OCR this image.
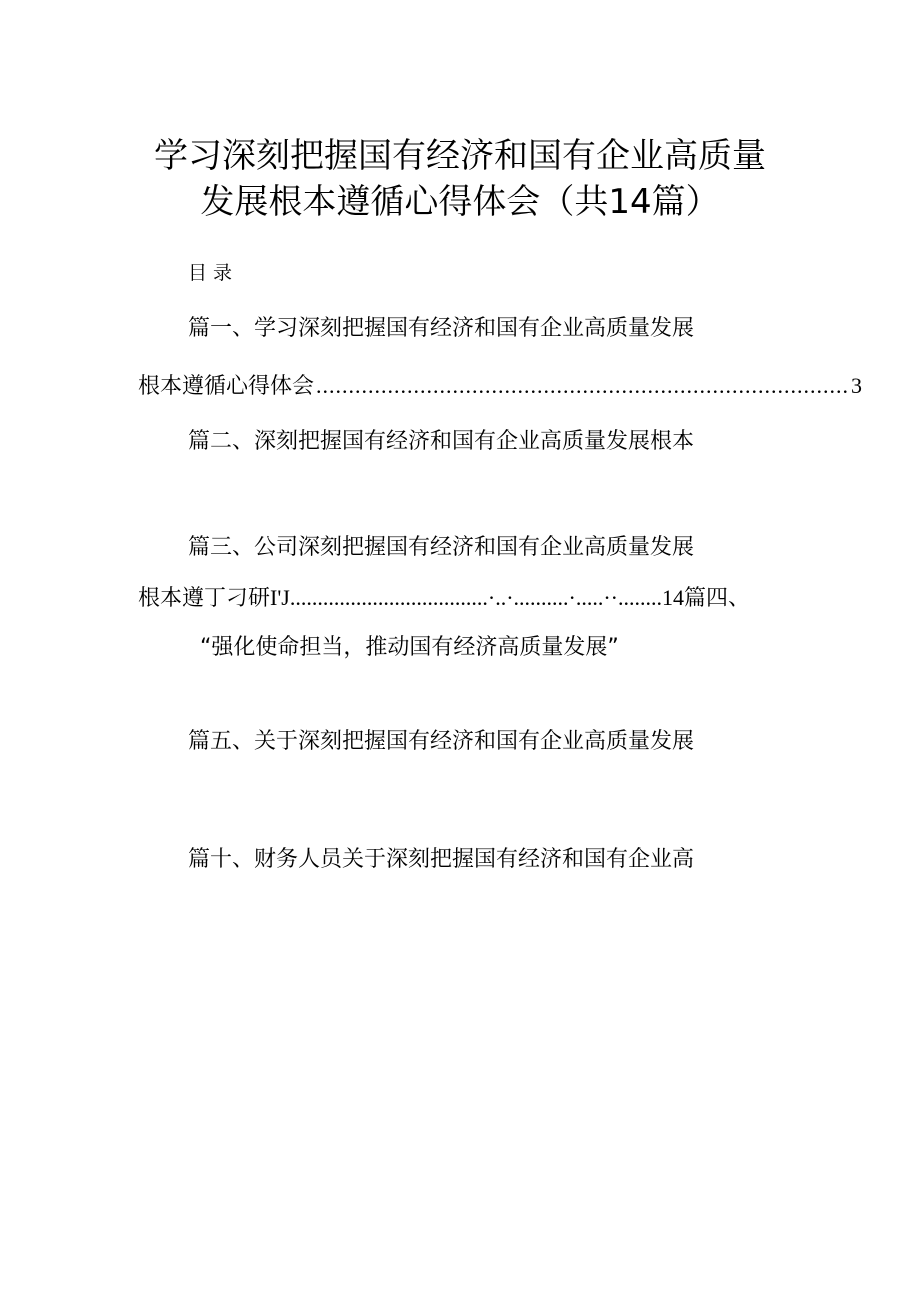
学习深刻把握国有经济和国有企业高质量
发展根本遵循心得体会（共14篇）
目录
篇一、学习深刻把握国有经济和国有企业高质量发展
根本遵循心得体会 .................................................................................. 3
篇二、深刻把握国有经济和国有企业高质量发展根本
篇三、公司深刻把握国有经济和国有企业高质量发展
根本遵丁刁研I'J....................................·..·..........·.....··........14篇四、
“强化使命担当，推动国有经济高质量发展”
篇五、关于深刻把握国有经济和国有企业高质量发展
篇十、财务人员关于深刻把握国有经济和国有企业高
